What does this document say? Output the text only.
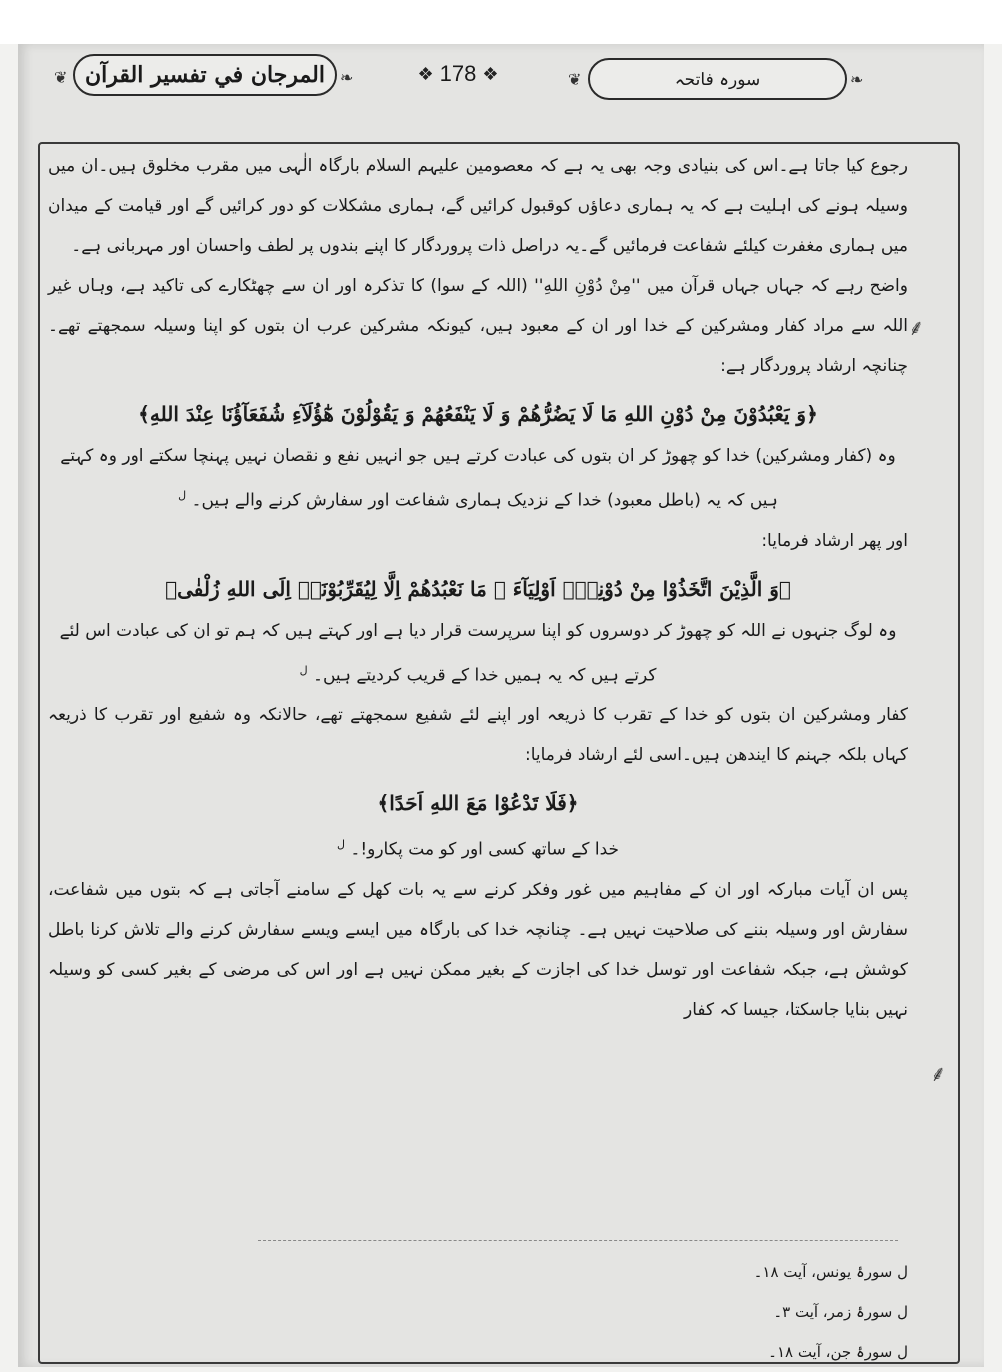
❦ المرجان في تفسير القرآن ❧	❖ 178 ❖	❦	سورہ فاتحہ	❧
⸙
⸙

رجوع کیا جاتا ہے۔اس کی بنیادی وجہ بھی یہ ہے کہ معصومین علیہم السلام بارگاہ الٰہی میں مقرب مخلوق ہیں۔ان میں وسیلہ ہونے کی اہلیت ہے کہ یہ ہماری دعاؤں کوقبول کرائیں گے، ہماری مشکلات کو دور کرائیں گے اور قیامت کے میدان میں ہماری مغفرت کیلئے شفاعت فرمائیں گے۔یہ دراصل ذات پروردگار کا اپنے بندوں پر لطف واحسان اور مہربانی ہے۔

واضح رہے کہ جہاں جہاں قرآن میں ''مِنْ دُوْنِ اللهِ'' (اللہ کے سوا) کا تذکرہ اور ان سے چھٹکارے کی تاکید ہے، وہاں غیر اللہ سے مراد کفار ومشرکین کے خدا اور ان کے معبود ہیں، کیونکہ مشرکین عرب ان بتوں کو اپنا وسیلہ سمجھتے تھے۔ چنانچہ ارشاد پروردگار ہے:

﴿وَ یَعْبُدُوْنَ مِنْ دُوْنِ اللهِ مَا لَا یَضُرُّهُمْ وَ لَا یَنْفَعُهُمْ وَ یَقُوْلُوْنَ هٰٓؤُلَآءِ شُفَعَآؤُنَا عِنْدَ اللهِ﴾

وہ (کفار ومشرکین) خدا کو چھوڑ کر ان بتوں کی عبادت کرتے ہیں جو انہیں نفع و نقصان نہیں پہنچا سکتے اور وہ کہتے ہیں کہ یہ (باطل معبود) خدا کے نزدیک ہماری شفاعت اور سفارش کرنے والے ہیں۔ $^ل$

اور پھر ارشاد فرمایا:

﴿وَ الَّذِیْنَ اتَّخَذُوْا مِنْ دُوْنِهٖۤ اَوْلِیَآءَ ۘ مَا نَعْبُدُهُمْ اِلَّا لِیُقَرِّبُوْنَاۤ اِلَى اللهِ زُلْفٰى﴾

وہ لوگ جنہوں نے اللہ کو چھوڑ کر دوسروں کو اپنا سرپرست قرار دیا ہے اور کہتے ہیں کہ ہم تو ان کی عبادت اس لئے کرتے ہیں کہ یہ ہمیں خدا کے قریب کردیتے ہیں۔ $^ل$

کفار ومشرکین ان بتوں کو خدا کے تقرب کا ذریعہ اور اپنے لئے شفیع سمجھتے تھے، حالانکہ وہ شفیع اور تقرب کا ذریعہ کہاں بلکہ جہنم کا ایندھن ہیں۔اسی لئے ارشاد فرمایا:

﴿فَلَا تَدْعُوْا مَعَ اللهِ اَحَدًا﴾

خدا کے ساتھ کسی اور کو مت پکارو!۔ $^ل$

پس ان آیات مبارکہ اور ان کے مفاہیم میں غور وفکر کرنے سے یہ بات کھل کے سامنے آجاتی ہے کہ بتوں میں شفاعت، سفارش اور وسیلہ بننے کی صلاحیت نہیں ہے۔ چنانچہ خدا کی بارگاہ میں ایسے ویسے سفارش کرنے والے تلاش کرنا باطل کوشش ہے، جبکہ شفاعت اور توسل خدا کی اجازت کے بغیر ممکن نہیں ہے اور اس کی مرضی کے بغیر کسی کو وسیلہ نہیں بنایا جاسکتا، جیسا کہ کفار

ل سورۂ یونس، آیت ۱۸۔
ل سورۂ زمر، آیت ۳۔
ل سورۂ جن، آیت ۱۸۔
